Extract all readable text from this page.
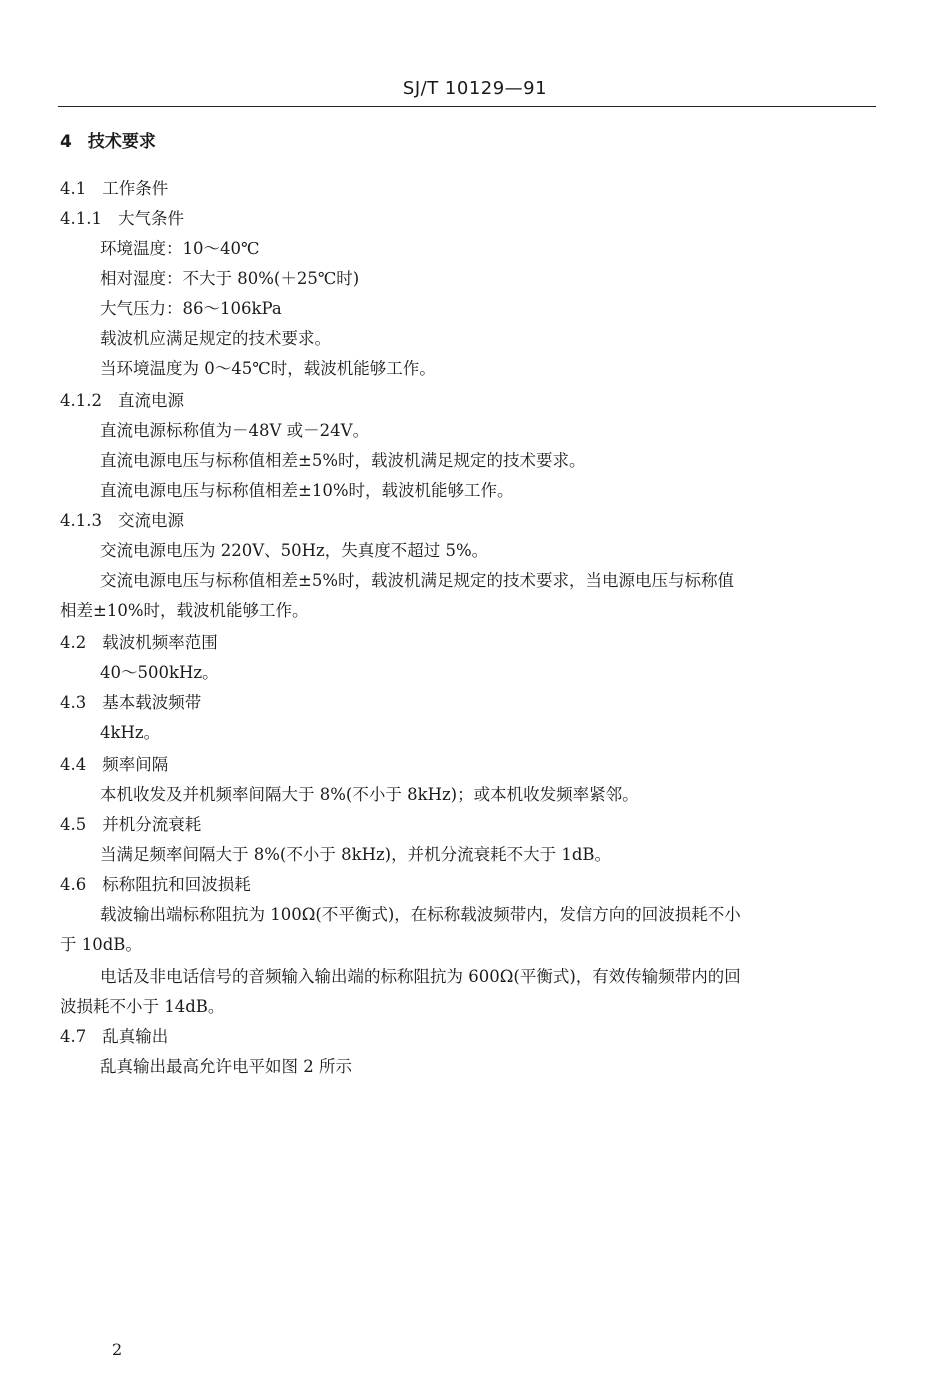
SJ/T 10129—91
4 技术要求
4.1 工作条件
4.1.1 大气条件
环境温度：10～40℃
相对湿度：不大于 80%(＋25℃时)
大气压力：86～106kPa
载波机应满足规定的技术要求。
当环境温度为 0～45℃时，载波机能够工作。
4.1.2 直流电源
直流电源标称值为－48V 或－24V。
直流电源电压与标称值相差±5%时，载波机满足规定的技术要求。
直流电源电压与标称值相差±10%时，载波机能够工作。
4.1.3 交流电源
交流电源电压为 220V、50Hz，失真度不超过 5%。
交流电源电压与标称值相差±5%时，载波机满足规定的技术要求，当电源电压与标称值
相差±10%时，载波机能够工作。
4.2 载波机频率范围
40～500kHz。
4.3 基本载波频带
4kHz。
4.4 频率间隔
本机收发及并机频率间隔大于 8%(不小于 8kHz)；或本机收发频率紧邻。
4.5 并机分流衰耗
当满足频率间隔大于 8%(不小于 8kHz)，并机分流衰耗不大于 1dB。
4.6 标称阻抗和回波损耗
载波输出端标称阻抗为 100Ω(不平衡式)，在标称载波频带内，发信方向的回波损耗不小
于 10dB。
电话及非电话信号的音频输入输出端的标称阻抗为 600Ω(平衡式)，有效传输频带内的回
波损耗不小于 14dB。
4.7 乱真输出
乱真输出最高允许电平如图 2 所示
2
